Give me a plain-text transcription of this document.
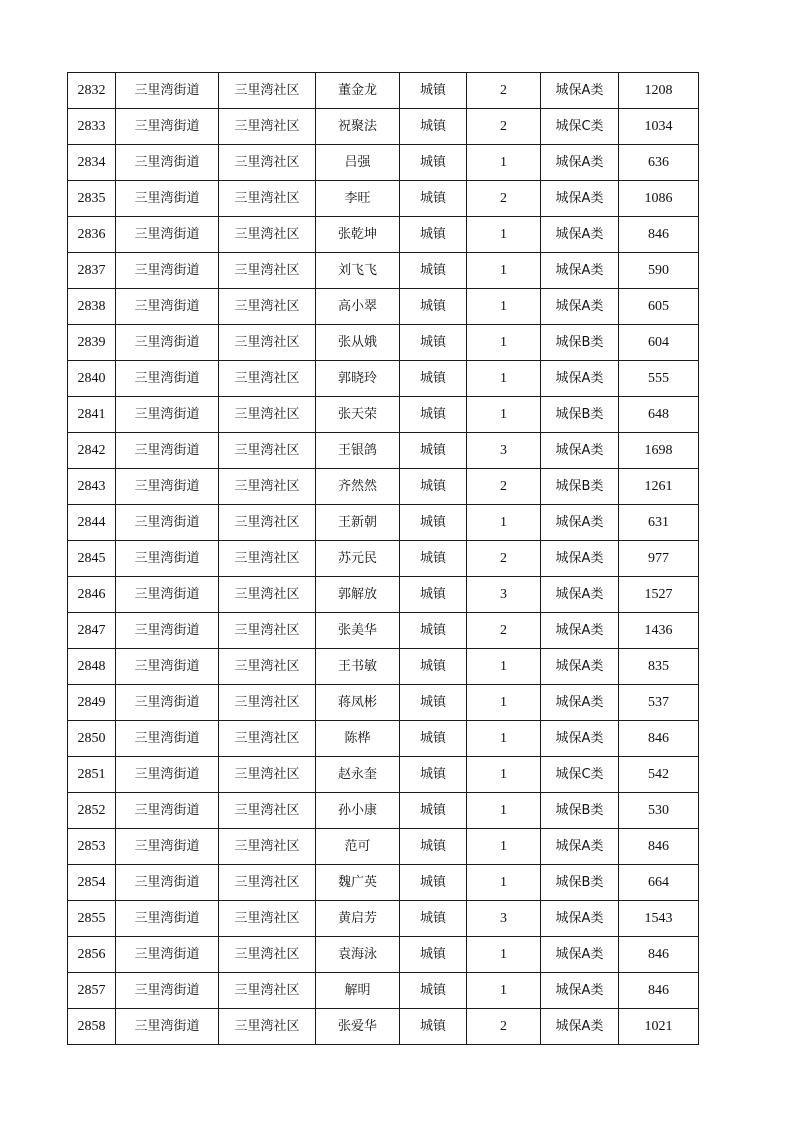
2832	三里湾街道	三里湾社区	董金龙	城镇	2	城保A类	1208
2833	三里湾街道	三里湾社区	祝聚法	城镇	2	城保C类	1034
2834	三里湾街道	三里湾社区	吕强	城镇	1	城保A类	636
2835	三里湾街道	三里湾社区	李旺	城镇	2	城保A类	1086
2836	三里湾街道	三里湾社区	张乾坤	城镇	1	城保A类	846
2837	三里湾街道	三里湾社区	刘飞飞	城镇	1	城保A类	590
2838	三里湾街道	三里湾社区	高小翠	城镇	1	城保A类	605
2839	三里湾街道	三里湾社区	张从娥	城镇	1	城保B类	604
2840	三里湾街道	三里湾社区	郭晓玲	城镇	1	城保A类	555
2841	三里湾街道	三里湾社区	张天荣	城镇	1	城保B类	648
2842	三里湾街道	三里湾社区	王银鸽	城镇	3	城保A类	1698
2843	三里湾街道	三里湾社区	齐然然	城镇	2	城保B类	1261
2844	三里湾街道	三里湾社区	王新朝	城镇	1	城保A类	631
2845	三里湾街道	三里湾社区	苏元民	城镇	2	城保A类	977
2846	三里湾街道	三里湾社区	郭解放	城镇	3	城保A类	1527
2847	三里湾街道	三里湾社区	张美华	城镇	2	城保A类	1436
2848	三里湾街道	三里湾社区	王书敏	城镇	1	城保A类	835
2849	三里湾街道	三里湾社区	蒋凤彬	城镇	1	城保A类	537
2850	三里湾街道	三里湾社区	陈桦	城镇	1	城保A类	846
2851	三里湾街道	三里湾社区	赵永奎	城镇	1	城保C类	542
2852	三里湾街道	三里湾社区	孙小康	城镇	1	城保B类	530
2853	三里湾街道	三里湾社区	范可	城镇	1	城保A类	846
2854	三里湾街道	三里湾社区	魏广英	城镇	1	城保B类	664
2855	三里湾街道	三里湾社区	黄启芳	城镇	3	城保A类	1543
2856	三里湾街道	三里湾社区	袁海泳	城镇	1	城保A类	846
2857	三里湾街道	三里湾社区	解明	城镇	1	城保A类	846
2858	三里湾街道	三里湾社区	张爱华	城镇	2	城保A类	1021
